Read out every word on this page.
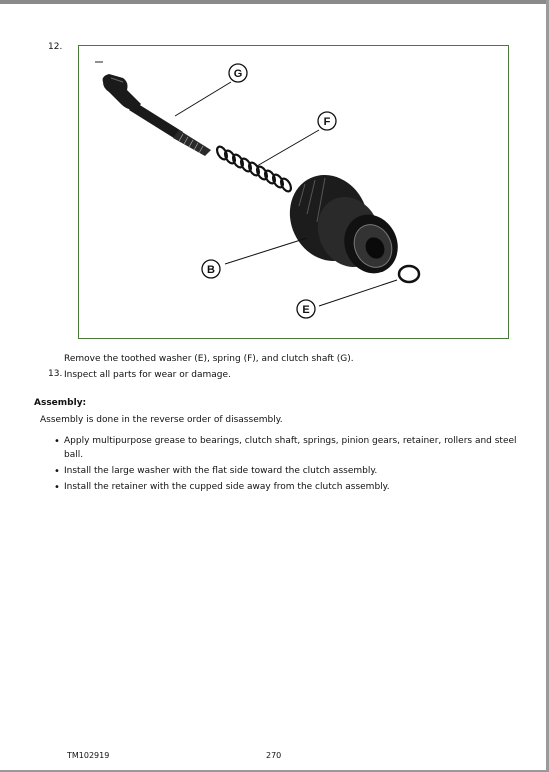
12.
G
F
B
E
Remove the toothed washer (E), spring (F), and clutch shaft (G).
13. Inspect all parts for wear or damage.
Assembly:
Assembly is done in the reverse order of disassembly.
• Apply multipurpose grease to bearings, clutch shaft, springs, pinion gears, retainer, rollers and steel
ball.
• Install the large washer with the flat side toward the clutch assembly.
• Install the retainer with the cupped side away from the clutch assembly.
TM102919	270
